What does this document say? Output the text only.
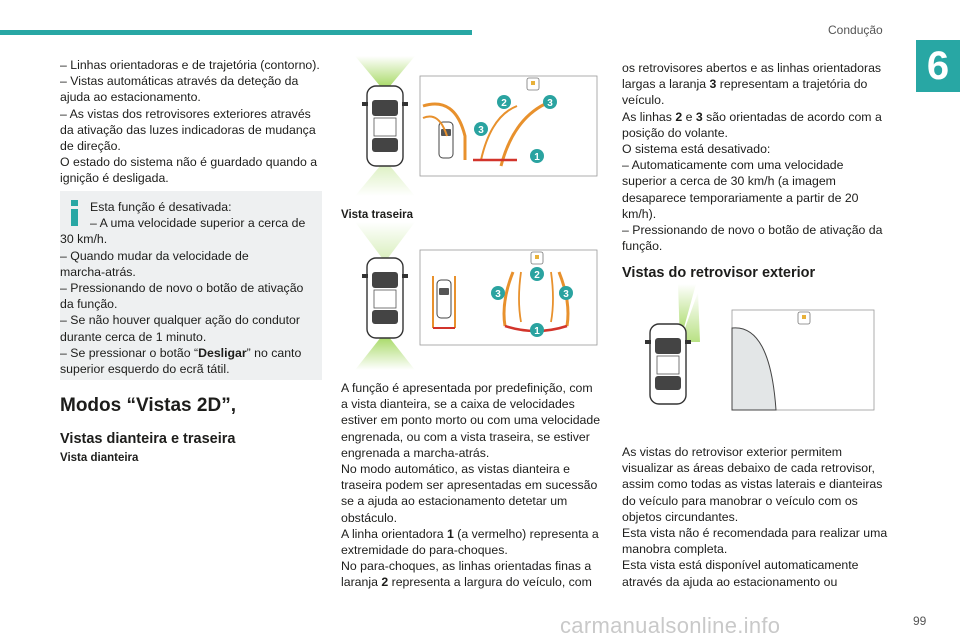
Condução
6

– Linhas orientadoras e de trajetória (contorno).

– Vistas automáticas através da deteção da

ajuda ao estacionamento.

– As vistas dos retrovisores exteriores através

da ativação das luzes indicadoras de mudança

de direção.

O estado do sistema não é guardado quando a

ignição é desligada.

Esta função é desativada:
– A uma velocidade superior a cerca de
30 km/h.
– Quando mudar da velocidade de
marcha-atrás.
– Pressionando de novo o botão de ativação
da função.
– Se não houver qualquer ação do condutor
durante cerca de 1 minuto.
– Se pressionar o botão “Desligar” no canto
superior esquerdo do ecrã tátil.
Modos “Vistas 2D”,
Vistas dianteira e traseira
Vista dianteira
2	3
3
1
Vista traseira
2
3	3
1

A função é apresentada por predefinição, com

a vista dianteira, se a caixa de velocidades

estiver em ponto morto ou com uma velocidade

engrenada, ou com a vista traseira, se estiver

engrenada a marcha-atrás.

No modo automático, as vistas dianteira e

traseira podem ser apresentadas em sucessão

se a ajuda ao estacionamento detetar um

obstáculo.

A linha orientadora 1 (a vermelho) representa a

extremidade do para-choques.

No para-choques, as linhas orientadas finas a

laranja 2 representa a largura do veículo, com

os retrovisores abertos e as linhas orientadoras

largas a laranja 3 representam a trajetória do

veículo.

As linhas 2 e 3 são orientadas de acordo com a

posição do volante.

O sistema está desativado:

– Automaticamente com uma velocidade

superior a cerca de 30 km/h (a imagem

desaparece temporariamente a partir de 20

km/h).

– Pressionando de novo o botão de ativação da

função.

Vistas do retrovisor exterior

As vistas do retrovisor exterior permitem

visualizar as áreas debaixo de cada retrovisor,

assim como todas as vistas laterais e dianteiras

do veículo para manobrar o veículo com os

objetos circundantes.

Esta vista não é recomendada para realizar uma

manobra completa.

Esta vista está disponível automaticamente

através da ajuda ao estacionamento ou

carmanualsonline.info	99
